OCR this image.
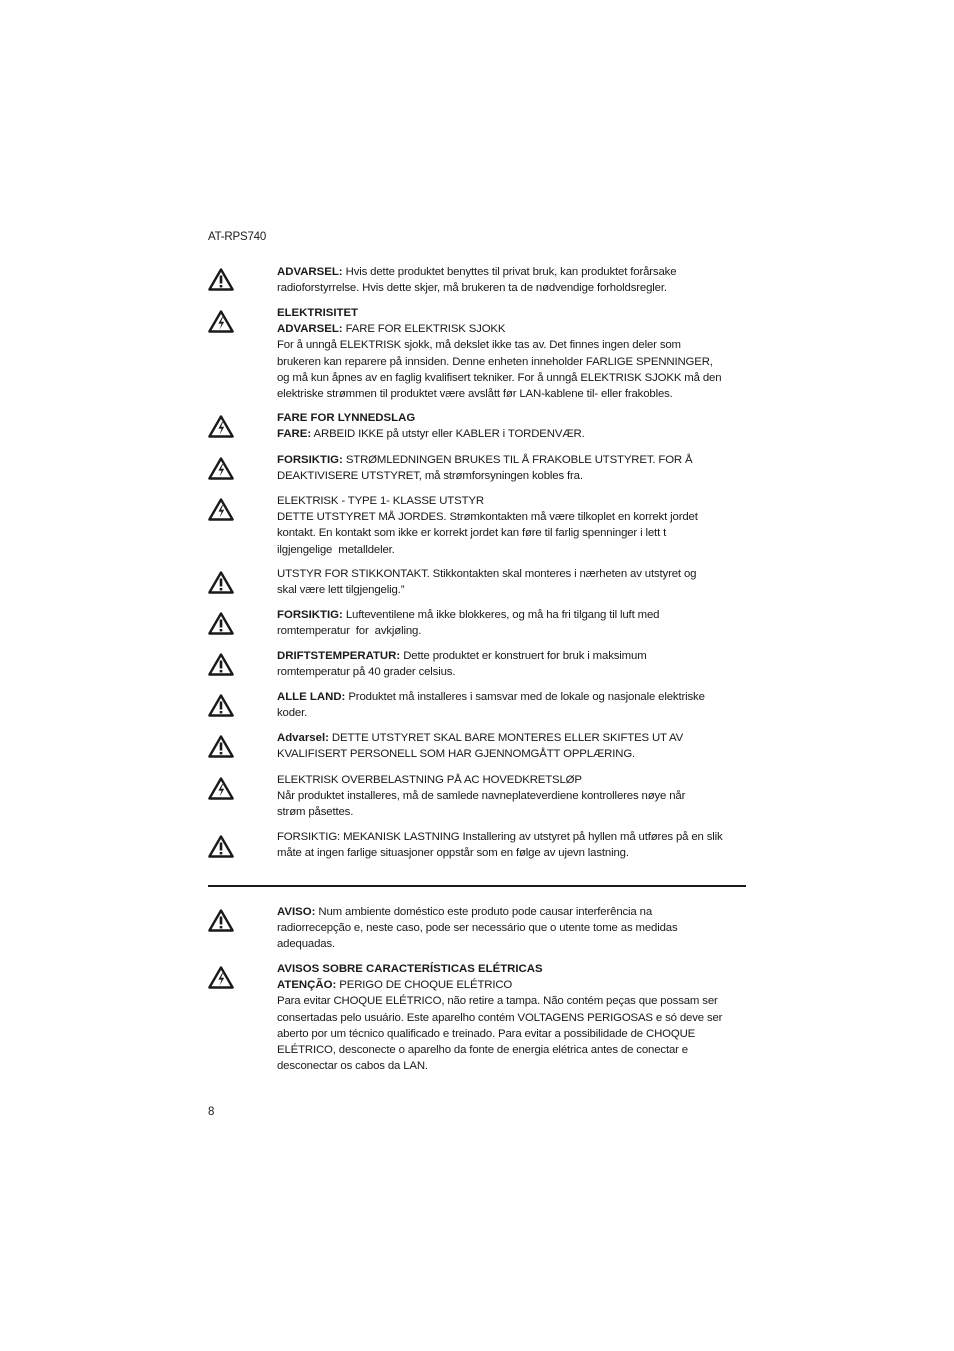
AT-RPS740
ADVARSEL: Hvis dette produktet benyttes til privat bruk, kan produktet forårsake
radioforstyrrelse. Hvis dette skjer, må brukeren ta de nødvendige forholdsregler.
ELEKTRISITET
ADVARSEL: FARE FOR ELEKTRISK SJOKK
For å unngå ELEKTRISK sjokk, må dekslet ikke tas av. Det finnes ingen deler som
brukeren kan reparere på innsiden. Denne enheten inneholder FARLIGE SPENNINGER,
og må kun åpnes av en faglig kvalifisert tekniker. For å unngå ELEKTRISK SJOKK må den
elektriske strømmen til produktet være avslått før LAN-kablene til- eller frakobles.
FARE FOR LYNNEDSLAG
FARE: ARBEID IKKE på utstyr eller KABLER i TORDENVÆR.
FORSIKTIG: STRØMLEDNINGEN BRUKES TIL Å FRAKOBLE UTSTYRET. FOR Å
DEAKTIVISERE UTSTYRET, må strømforsyningen kobles fra.
ELEKTRISK - TYPE 1- KLASSE UTSTYR
DETTE UTSTYRET MÅ JORDES. Strømkontakten må være tilkoplet en korrekt jordet
kontakt. En kontakt som ikke er korrekt jordet kan føre til farlig spenninger i lett t
ilgjengelige  metalldeler.
UTSTYR FOR STIKKONTAKT. Stikkontakten skal monteres i nærheten av utstyret og
skal være lett tilgjengelig.”
FORSIKTIG: Lufteventilene må ikke blokkeres, og må ha fri tilgang til luft med
romtemperatur  for  avkjøling.
DRIFTSTEMPERATUR: Dette produktet er konstruert for bruk i maksimum
romtemperatur på 40 grader celsius.
ALLE LAND: Produktet må installeres i samsvar med de lokale og nasjonale elektriske
koder.
Advarsel: DETTE UTSTYRET SKAL BARE MONTERES ELLER SKIFTES UT AV
KVALIFISERT PERSONELL SOM HAR GJENNOMGÅTT OPPLÆRING.
ELEKTRISK OVERBELASTNING PÅ AC HOVEDKRETSLØP
Når produktet installeres, må de samlede navneplateverdiene kontrolleres nøye når
strøm påsettes.
FORSIKTIG: MEKANISK LASTNING Installering av utstyret på hyllen må utføres på en slik
måte at ingen farlige situasjoner oppstår som en følge av ujevn lastning.
AVISO: Num ambiente doméstico este produto pode causar interferência na
radiorrecepção e, neste caso, pode ser necessário que o utente tome as medidas
adequadas.
AVISOS SOBRE CARACTERÍSTICAS ELÉTRICAS
ATENÇÃO: PERIGO DE CHOQUE ELÉTRICO
Para evitar CHOQUE ELÉTRICO, não retire a tampa. Não contém peças que possam ser
consertadas pelo usuário. Este aparelho contém VOLTAGENS PERIGOSAS e só deve ser
aberto por um técnico qualificado e treinado. Para evitar a possibilidade de CHOQUE
ELÉTRICO, desconecte o aparelho da fonte de energia elétrica antes de conectar e
desconectar os cabos da LAN.
8
